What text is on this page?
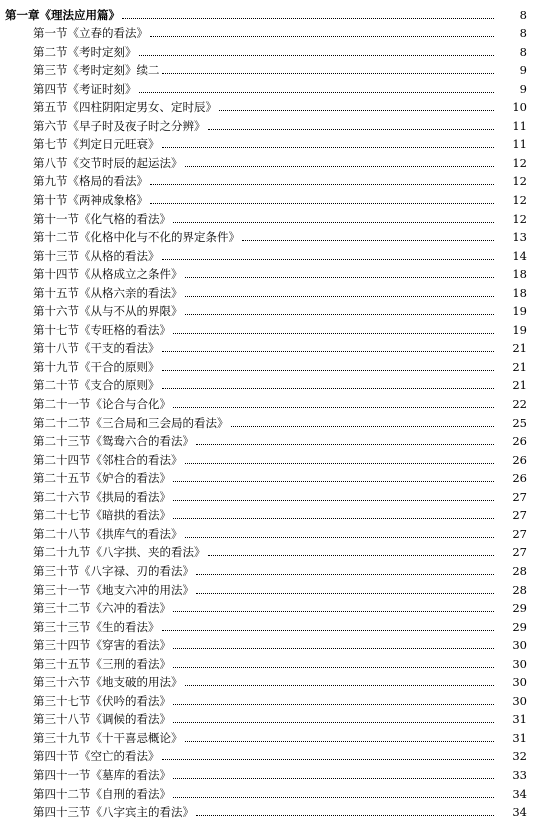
第一章 《理法应用篇》	8
第一节 《立春的看法》	8
第二节 《考时定刻》	8
第三节 《考时定刻》续二	9
第四节 《考证时刻》	9
第五节 《四柱阴阳定男女、定时辰》	10
第六节 《早子时及夜子时之分辨》	11
第七节 《判定日元旺衰》	11
第八节 《交节时辰的起运法》	12
第九节 《格局的看法》	12
第十节 《两神成象格》	12
第十一节 《化气格的看法》	12
第十二节 《化格中化与不化的界定条件》	13
第十三节 《从格的看法》	14
第十四节 《从格成立之条件》	18
第十五节 《从格六亲的看法》	18
第十六节 《从与不从的界限》	19
第十七节 《专旺格的看法》	19
第十八节 《干支的看法》	21
第十九节 《干合的原则》	21
第二十节 《支合的原则》	21
第二十一节 《论合与合化》	22
第二十二节 《三合局和三会局的看法》	25
第二十三节 《鸳鸯六合的看法》	26
第二十四节 《邻柱合的看法》	26
第二十五节 《妒合的看法》	26
第二十六节 《拱局的看法》	27
第二十七节 《暗拱的看法》	27
第二十八节 《拱库气的看法》	27
第二十九节 《八字拱、夹的看法》	27
第三十节 《八字禄、刃的看法》	28
第三十一节 《地支六冲的用法》	28
第三十二节 《六冲的看法》	29
第三十三节 《生的看法》	29
第三十四节 《穿害的看法》	30
第三十五节 《三刑的看法》	30
第三十六节 《地支破的用法》	30
第三十七节 《伏吟的看法》	30
第三十八节 《调候的看法》	31
第三十九节 《十干喜忌概论》	31
第四十节 《空亡的看法》	32
第四十一节 《墓库的看法》	33
第四十二节 《自刑的看法》	34
第四十三节 《八字宾主的看法》	34
